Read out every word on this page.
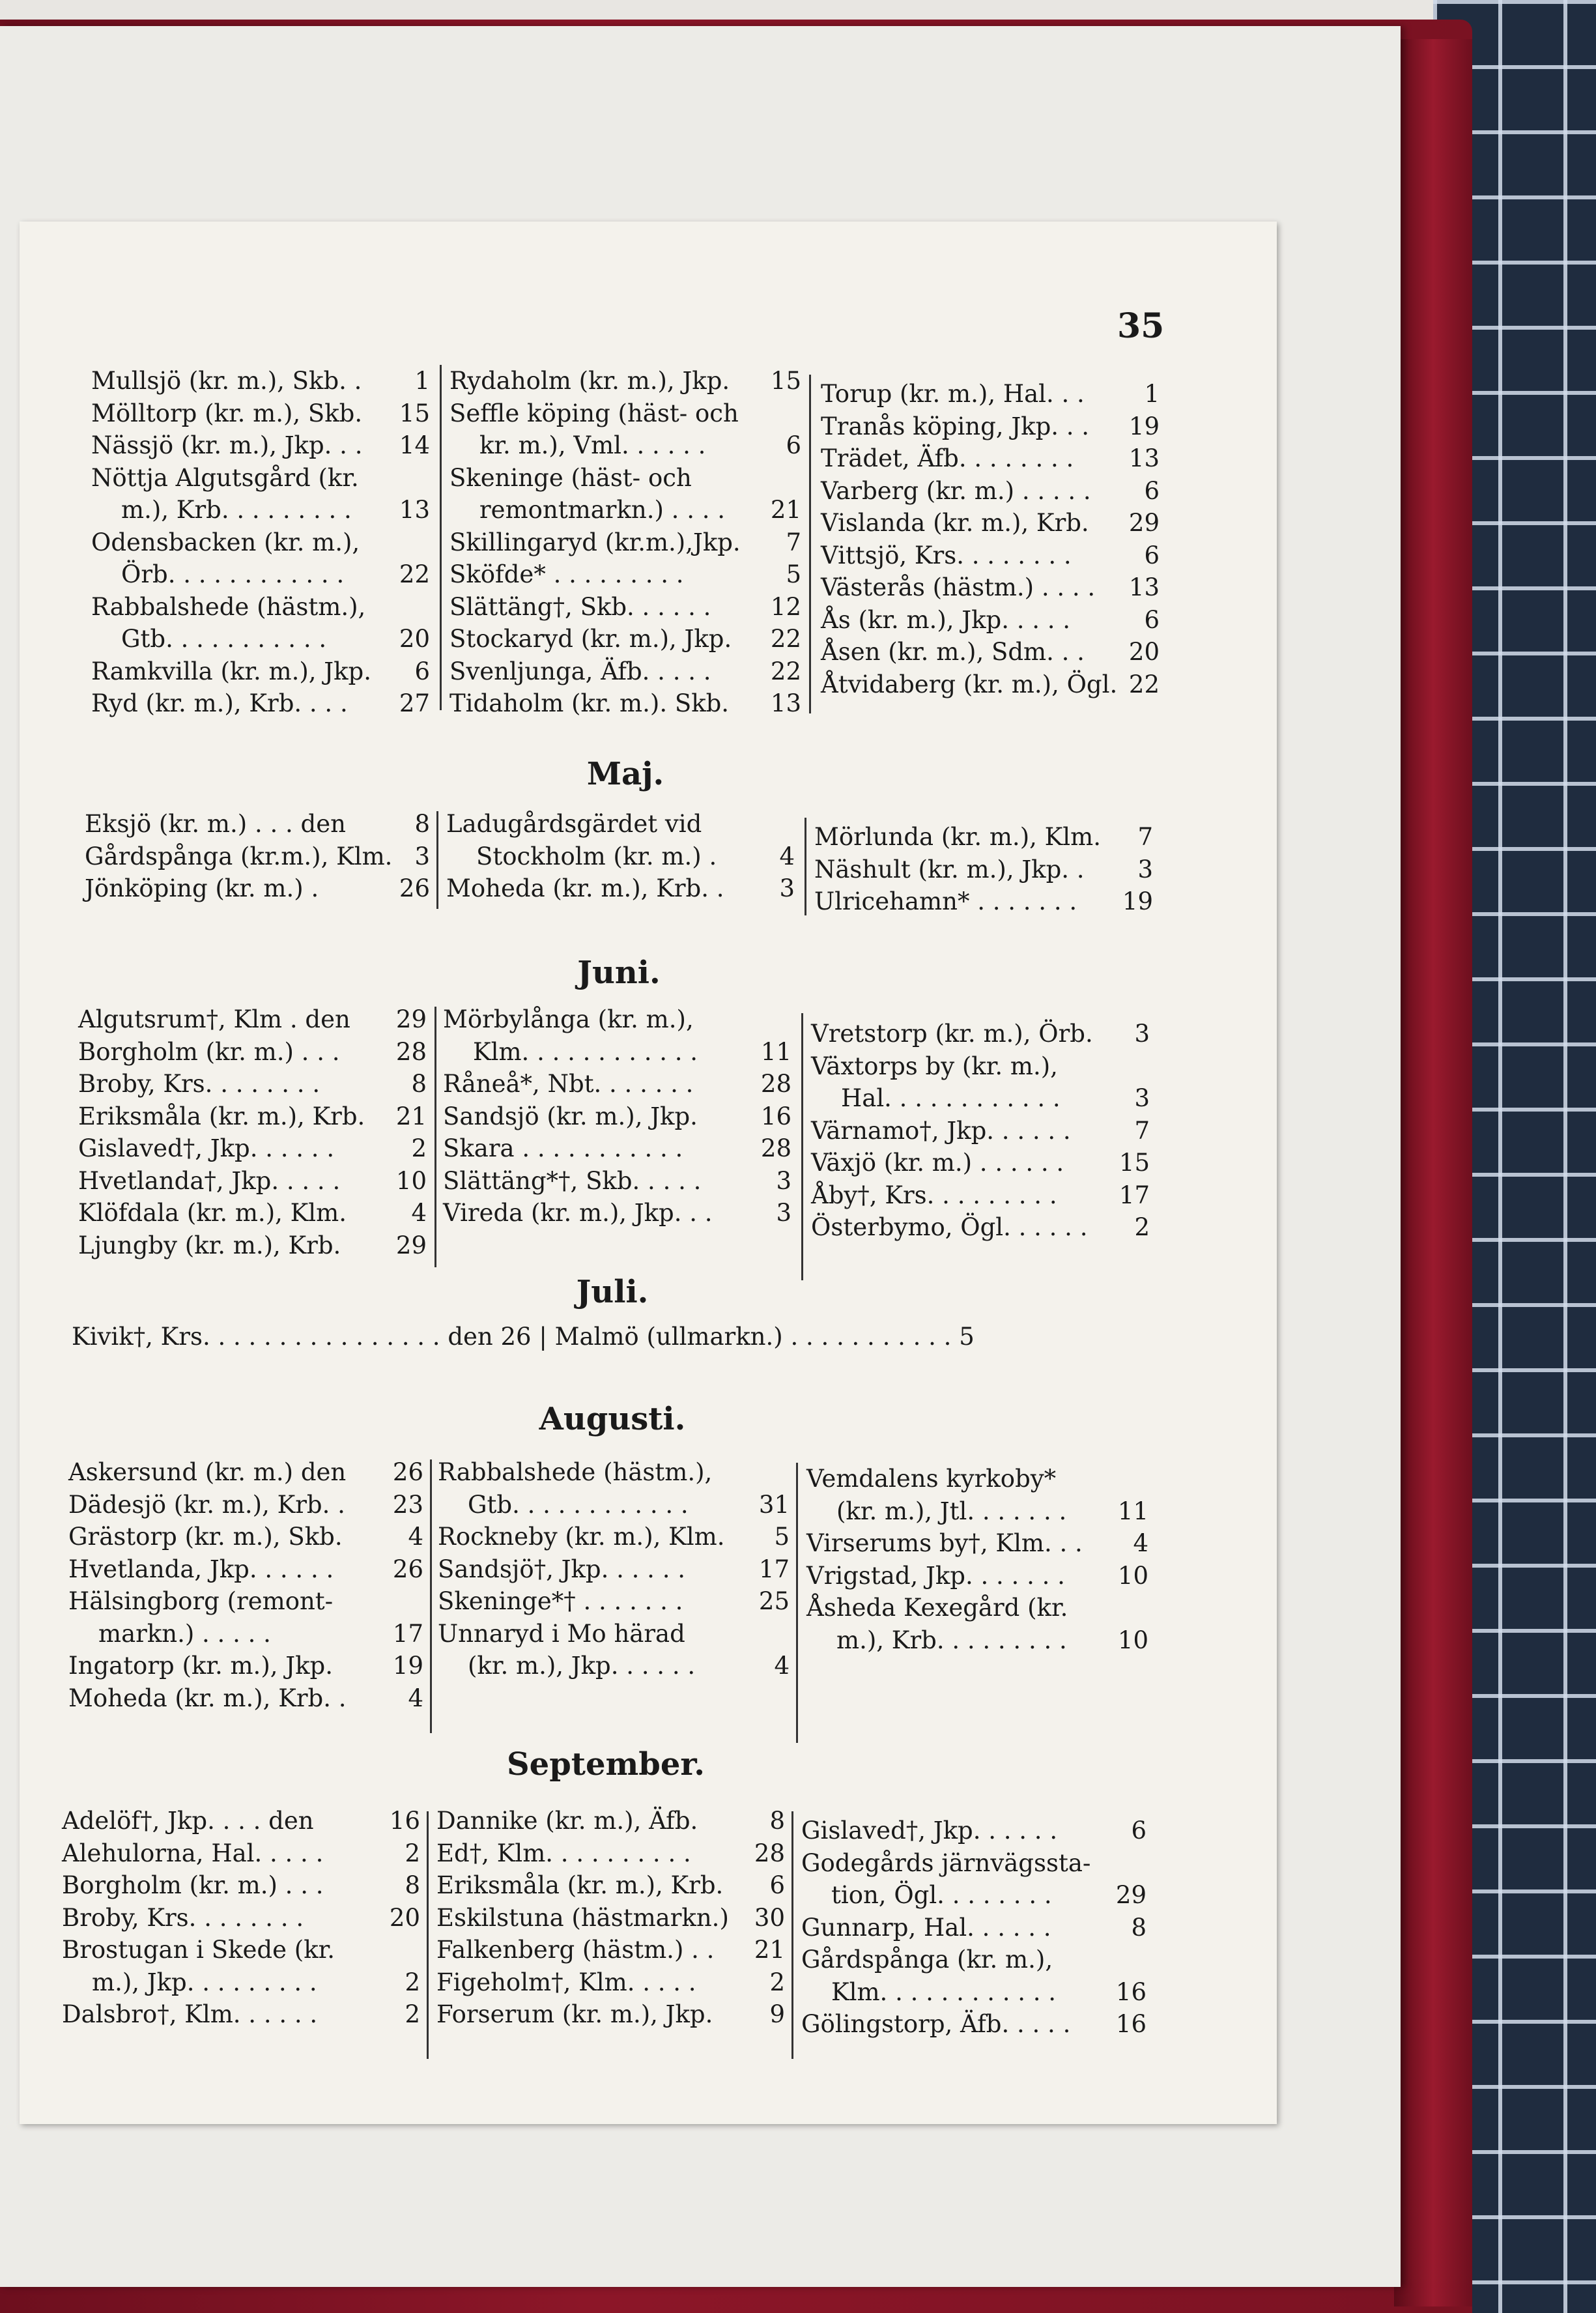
35
Mullsjö (kr. m.), Skb. . 1
Mölltorp (kr. m.), Skb. 15
Nässjö (kr. m.), Jkp. . . 14
Nöttja Algutsgård (kr.
m.), Krb. . . . . . . . . 13
Odensbacken (kr. m.),
Örb. . . . . . . . . . . . 22
Rabbalshede (hästm.),
Gtb. . . . . . . . . . .	20
Ramkvilla (kr. m.), Jkp. 6
Ryd (kr. m.), Krb. . . . 27
Rydaholm (kr. m.), Jkp. 15
Seffle köping (häst- och
kr. m.), Vml. . . . . .	6
Skeninge (häst- och
remontmarkn.) . . . . 21
Skillingaryd (kr.m.),Jkp. 7
Sköfde* . . . . . . . . .	5
Slättäng†, Skb. . . . . . 12
Stockaryd (kr. m.), Jkp. 22
Svenljunga, Äfb. . . . . 22
Tidaholm (kr. m.). Skb. 13
Torup (kr. m.), Hal. . . 1
Tranås köping, Jkp. . . 19
Trädet, Äfb. . . . . . . . 13
Varberg (kr. m.) . . . . . 6
Vislanda (kr. m.), Krb. 29
Vittsjö, Krs. . . . . . . .	6
Västerås (hästm.) . . . . 13
Ås (kr. m.), Jkp. . . . .	6
Åsen (kr. m.), Sdm. . . 20
Åtvidaberg (kr. m.), Ögl. 22
Maj.
Eksjö (kr. m.) . . . den	8
Gårdspånga (kr.m.), Klm. 3
Jönköping (kr. m.) .	26
Ladugårdsgärdet vid
Stockholm (kr. m.) .	4
Moheda (kr. m.), Krb. . 3
Mörlunda (kr. m.), Klm. 7
Näshult (kr. m.), Jkp. . 3
Ulricehamn* . . . . . . . 19
Juni.
Algutsrum†, Klm . den 29
Borgholm (kr. m.) . . . 28
Broby, Krs. . . . . . . .	8
Eriksmåla (kr. m.), Krb. 21
Gislaved†, Jkp. . . . . .	2
Hvetlanda†, Jkp. . . . . 10
Klöfdala (kr. m.), Klm.	4
Ljungby (kr. m.), Krb. 29
Mörbylånga (kr. m.),
Klm. . . . . . . . . . . .	11
Råneå*, Nbt. . . . . . .	28
Sandsjö (kr. m.), Jkp.	16
Skara . . . . . . . . . . .	28
Slättäng*†, Skb. . . . .	3
Vireda (kr. m.), Jkp. . .	3
Vretstorp (kr. m.), Örb. 3
Växtorps by (kr. m.),
Hal. . . . . . . . . . . .	3
Värnamo†, Jkp. . . . . .	7
Växjö (kr. m.) . . . . . . 15
Åby†, Krs. . . . . . . . .	17
Österbymo, Ögl. . . . . . 2
Juli.
Kivik†, Krs. . . . . . . . . . . . . . . . den 26 | Malmö (ullmarkn.) . . . . . . . . . . . 5
Augusti.
Askersund (kr. m.) den 26
Dädesjö (kr. m.), Krb. . 23
Grästorp (kr. m.), Skb.	4
Hvetlanda, Jkp. . . . . . 26
Hälsingborg (remont-
markn.) . . . . .	17
Ingatorp (kr. m.), Jkp. 19
Moheda (kr. m.), Krb. .	4
Rabbalshede (hästm.),
Gtb. . . . . . . . . . . .	31
Rockneby (kr. m.), Klm. 5
Sandsjö†, Jkp. . . . . .	17
Skeninge*† . . . . . . .	25
Unnaryd i Mo härad
(kr. m.), Jkp. . . . . .	4
Vemdalens kyrkoby*
(kr. m.), Jtl. . . . . . . 11
Virserums by†, Klm. . . 4
Vrigstad, Jkp. . . . . . . 10
Åsheda Kexegård (kr.
m.), Krb. . . . . . . . . 10
September.
Adelöf†, Jkp. . . . den	16
Alehulorna, Hal. . . . .	2
Borgholm (kr. m.) . . .	8
Broby, Krs. . . . . . . .	20
Brostugan i Skede (kr.
m.), Jkp. . . . . . . . .	2
Dalsbro†, Klm. . . . . .	2
Dannike (kr. m.), Äfb.	8
Ed†, Klm. . . . . . . . . .	28
Eriksmåla (kr. m.), Krb. 6
Eskilstuna (hästmarkn.) 30
Falkenberg (hästm.) . . 21
Figeholm†, Klm. . . . .	2
Forserum (kr. m.), Jkp. 9
Gislaved†, Jkp. . . . . .	6
Godegårds järnvägssta-
tion, Ögl. . . . . . . .	29
Gunnarp, Hal. . . . . .	8
Gårdspånga (kr. m.),
Klm. . . . . . . . . . . . 16
Gölingstorp, Äfb. . . . . 16
